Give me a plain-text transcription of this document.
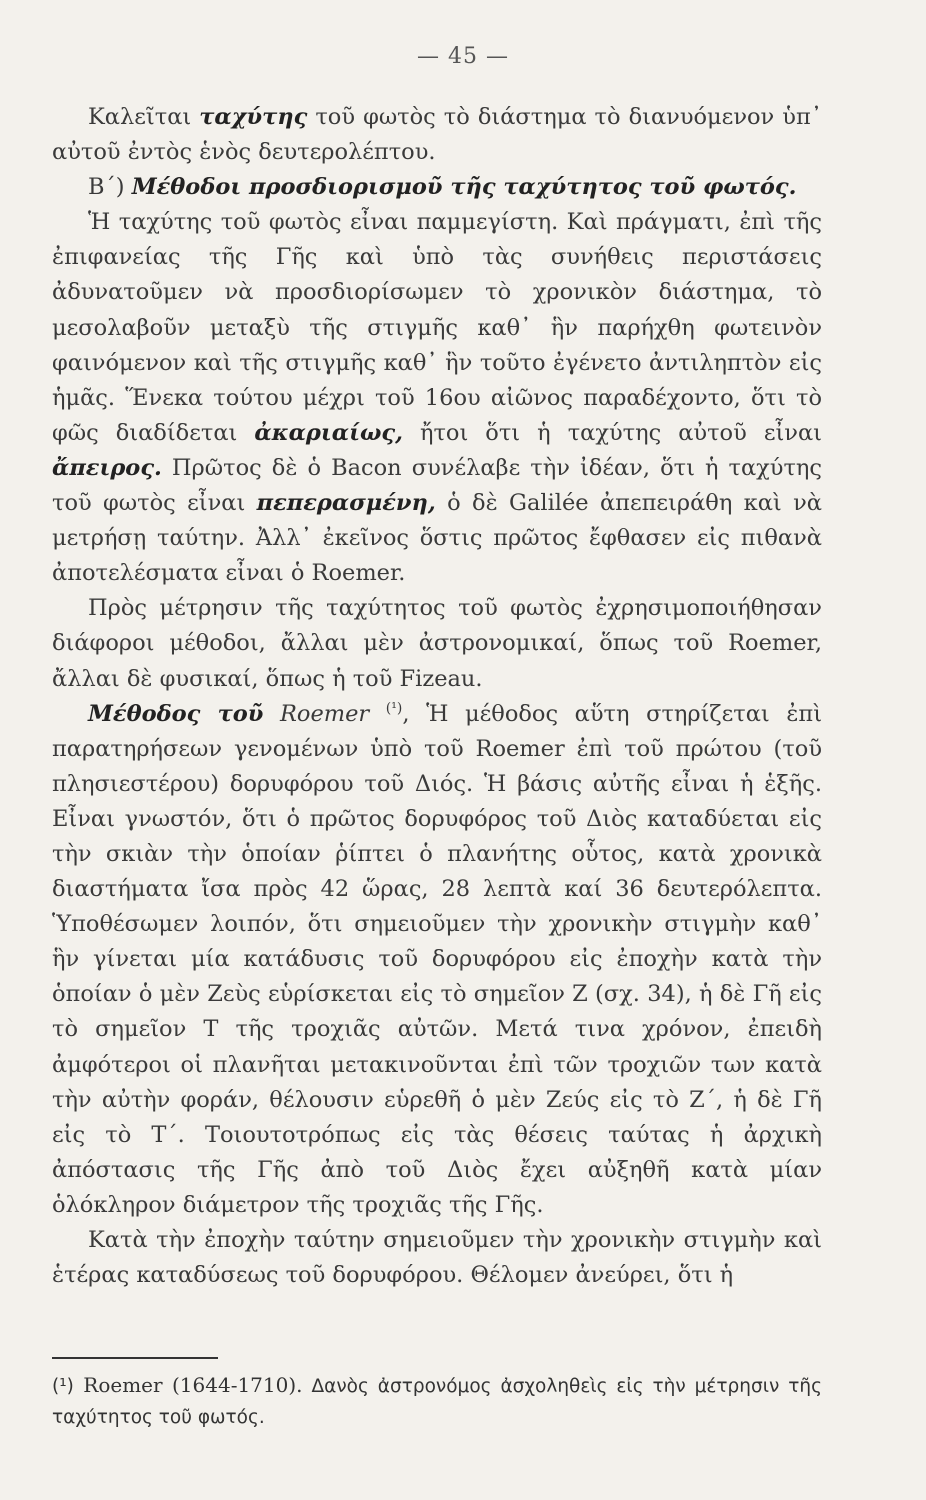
— 45 —

Καλεῖται ταχύτης τοῦ φωτὸς τὸ διάστημα τὸ διανυόμενον ὑπ᾽ αὐτοῦ ἐντὸς ἑνὸς δευτερολέπτου.

Β΄) Μέθοδοι προσδιορισμοῦ τῆς ταχύτητος τοῦ φωτός.

Ἡ ταχύτης τοῦ φωτὸς εἶναι παμμεγίστη. Καὶ πράγματι, ἐπὶ τῆς ἐπιφανείας τῆς Γῆς καὶ ὑπὸ τὰς συνήθεις περιστάσεις ἀδυνατοῦμεν νὰ προσδιορίσωμεν τὸ χρονικὸν διάστημα, τὸ μεσολαβοῦν μεταξὺ τῆς στιγμῆς καθ᾽ ἣν παρήχθη φωτεινὸν φαινόμενον καὶ τῆς στιγμῆς καθ᾽ ἣν τοῦτο ἐγένετο ἀντιληπτὸν εἰς ἡμᾶς. Ἕνεκα τούτου μέχρι τοῦ 16ου αἰῶνος παραδέχοντο, ὅτι τὸ φῶς διαδίδεται ἀκαριαίως, ἤτοι ὅτι ἡ ταχύτης αὐτοῦ εἶναι ἄπειρος. Πρῶτος δὲ ὁ Bacon συνέλαβε τὴν ἰδέαν, ὅτι ἡ ταχύτης τοῦ φωτὸς εἶναι πεπερασμένη, ὁ δὲ Galilée ἀπεπειράθη καὶ νὰ μετρήσῃ ταύτην. Ἀλλ᾽ ἐκεῖνος ὅστις πρῶτος ἔφθασεν εἰς πιθανὰ ἀποτελέσματα εἶναι ὁ Roemer.

Πρὸς μέτρησιν τῆς ταχύτητος τοῦ φωτὸς ἐχρησιμοποιήθησαν διάφοροι μέθοδοι, ἄλλαι μὲν ἀστρονομικαί, ὅπως τοῦ Roemer, ἄλλαι δὲ φυσικαί, ὅπως ἡ τοῦ Fizeau.

Μέθοδος τοῦ Roemer $^{(^1)}$, Ἡ μέθοδος αὕτη στηρίζεται ἐπὶ παρατηρήσεων γενομένων ὑπὸ τοῦ Roemer ἐπὶ τοῦ πρώτου (τοῦ πλησιεστέρου) δορυφόρου τοῦ Διός. Ἡ βάσις αὐτῆς εἶναι ἡ ἑξῆς. Εἶναι γνωστόν, ὅτι ὁ πρῶτος δορυφόρος τοῦ Διὸς καταδύεται εἰς τὴν σκιὰν τὴν ὁποίαν ῥίπτει ὁ πλανήτης οὗτος, κατὰ χρονικὰ διαστήματα ἴσα πρὸς 42 ὥρας, 28 λεπτὰ καί 36 δευτερόλεπτα. Ὑποθέσωμεν λοιπόν, ὅτι σημειοῦμεν τὴν χρονικὴν στιγμὴν καθ᾽ ἣν γίνεται μία κατάδυσις τοῦ δορυφόρου εἰς ἐποχὴν κατὰ τὴν ὁποίαν ὁ μὲν Ζεὺς εὑρίσκεται εἰς τὸ σημεῖον Ζ (σχ. 34), ἡ δὲ Γῆ εἰς τὸ σημεῖον Τ τῆς τροχιᾶς αὐτῶν. Μετά τινα χρόνον, ἐπειδὴ ἀμφότεροι οἱ πλανῆται μετακινοῦνται ἐπὶ τῶν τροχιῶν των κατὰ τὴν αὐτὴν φοράν, θέλουσιν εὑρεθῆ ὁ μὲν Ζεύς εἰς τὸ Ζ΄, ἡ δὲ Γῆ εἰς τὸ Τ΄. Τοιουτοτρόπως εἰς τὰς θέσεις ταύτας ἡ ἀρχικὴ ἀπόστασις τῆς Γῆς ἀπὸ τοῦ Διὸς ἔχει αὐξηθῆ κατὰ μίαν ὁλόκληρον διάμετρον τῆς τροχιᾶς τῆς Γῆς.

Κατὰ τὴν ἐποχὴν ταύτην σημειοῦμεν τὴν χρονικὴν στιγμὴν καὶ ἑτέρας καταδύσεως τοῦ δορυφόρου. Θέλομεν ἀνεύρει, ὅτι ἡ

(¹) Roemer (1644-1710). Δανὸς ἀστρονόμος ἀσχοληθεὶς εἰς τὴν μέτρησιν τῆς ταχύτητος τοῦ φωτός.
